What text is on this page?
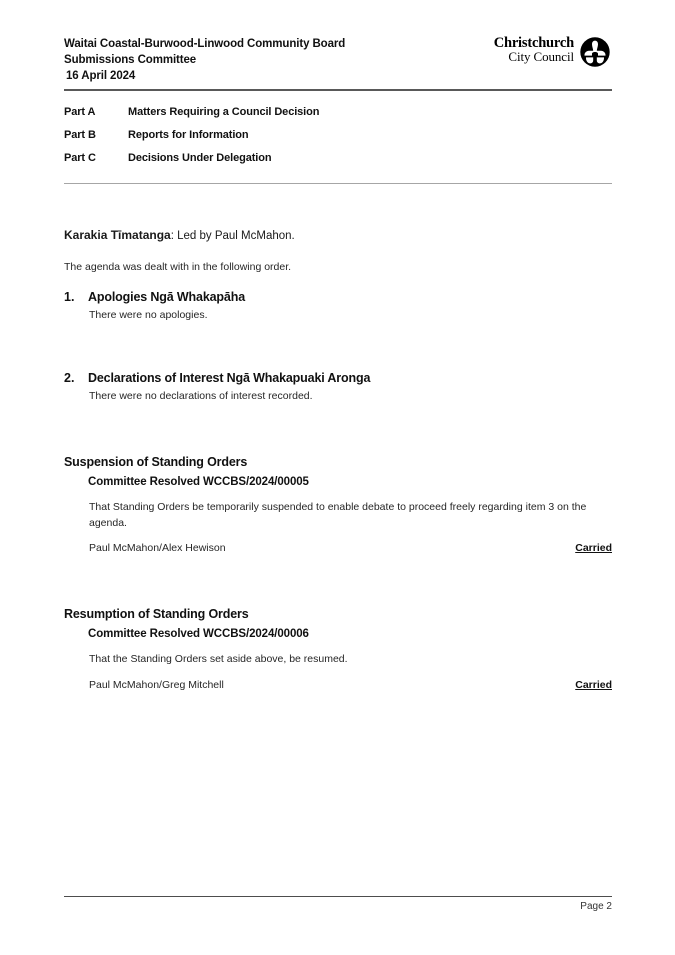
Waitai Coastal-Burwood-Linwood Community Board
Submissions Committee
16 April 2024
Christchurch
City Council
Part A	Matters Requiring a Council Decision
Part B	Reports for Information
Part C	Decisions Under Delegation
Karakia Tīmatanga: Led by Paul McMahon.
The agenda was dealt with in the following order.
1.	Apologies Ngā Whakapāha
There were no apologies.
2.	Declarations of Interest Ngā Whakapuaki Aronga
There were no declarations of interest recorded.
Suspension of Standing Orders
Committee Resolved WCCBS/2024/00005
That Standing Orders be temporarily suspended to enable debate to proceed freely regarding item 3 on the agenda.
Paul McMahon/Alex Hewison	Carried
Resumption of Standing Orders
Committee Resolved WCCBS/2024/00006
That the Standing Orders set aside above, be resumed.
Paul McMahon/Greg Mitchell	Carried
Page 2
